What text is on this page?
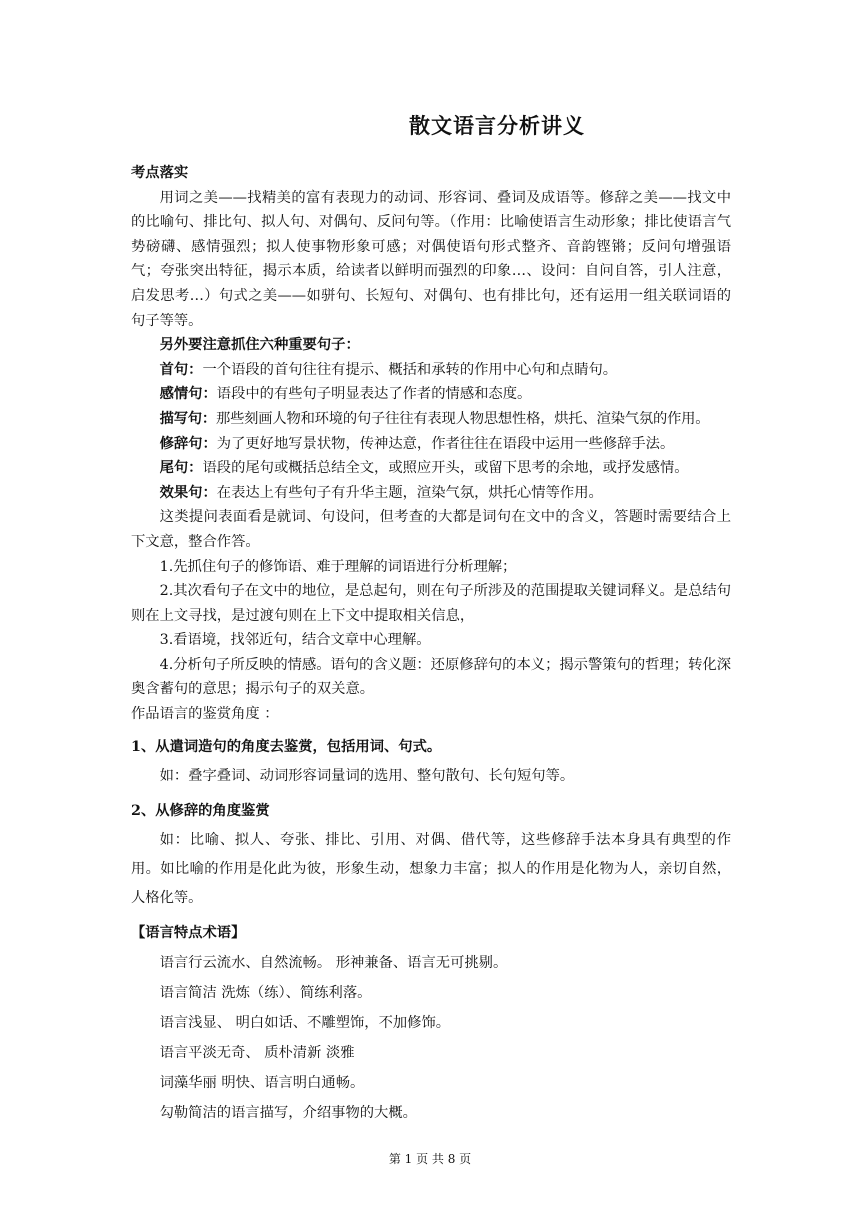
散文语言分析讲义

考点落实

用词之美——找精美的富有表现力的动词、形容词、叠词及成语等。修辞之美——找文中的比喻句、排比句、拟人句、对偶句、反问句等。（作用：比喻使语言生动形象；排比使语言气势磅礴、感情强烈；拟人使事物形象可感；对偶使语句形式整齐、音韵铿锵；反问句增强语气；夸张突出特征，揭示本质，给读者以鲜明而强烈的印象…、设问：自问自答，引人注意，启发思考…）句式之美——如骈句、长短句、对偶句、也有排比句，还有运用一组关联词语的句子等等。

另外要注意抓住六种重要句子：

首句：一个语段的首句往往有提示、概括和承转的作用中心句和点睛句。

感情句：语段中的有些句子明显表达了作者的情感和态度。

描写句：那些刻画人物和环境的句子往往有表现人物思想性格，烘托、渲染气氛的作用。

修辞句：为了更好地写景状物，传神达意，作者往往在语段中运用一些修辞手法。

尾句：语段的尾句或概括总结全文，或照应开头，或留下思考的余地，或抒发感情。

效果句：在表达上有些句子有升华主题，渲染气氛，烘托心情等作用。

这类提问表面看是就词、句设问，但考查的大都是词句在文中的含义，答题时需要结合上下文意，整合作答。

1.先抓住句子的修饰语、难于理解的词语进行分析理解；

2.其次看句子在文中的地位，是总起句，则在句子所涉及的范围提取关键词释义。是总结句则在上文寻找，是过渡句则在上下文中提取相关信息，

3.看语境，找邻近句，结合文章中心理解。

4.分析句子所反映的情感。语句的含义题：还原修辞句的本义；揭示警策句的哲理；转化深奥含蓄句的意思；揭示句子的双关意。

作品语言的鉴赏角度 ：

1、从遣词造句的角度去鉴赏，包括用词、句式。

如：叠字叠词、动词形容词量词的选用、整句散句、长句短句等。

2、从修辞的角度鉴赏

如：比喻、拟人、夸张、排比、引用、对偶、借代等，这些修辞手法本身具有典型的作用。如比喻的作用是化此为彼，形象生动，想象力丰富；拟人的作用是化物为人，亲切自然，人格化等。

【语言特点术语】

语言行云流水、自然流畅。 形神兼备、语言无可挑剔。

语言简洁 洗炼（练）、简练利落。

语言浅显、 明白如话、不雕塑饰，不加修饰。

语言平淡无奇、 质朴清新 淡雅

词藻华丽 明快、语言明白通畅。

勾勒简洁的语言描写，介绍事物的大概。

第 1 页 共 8 页
